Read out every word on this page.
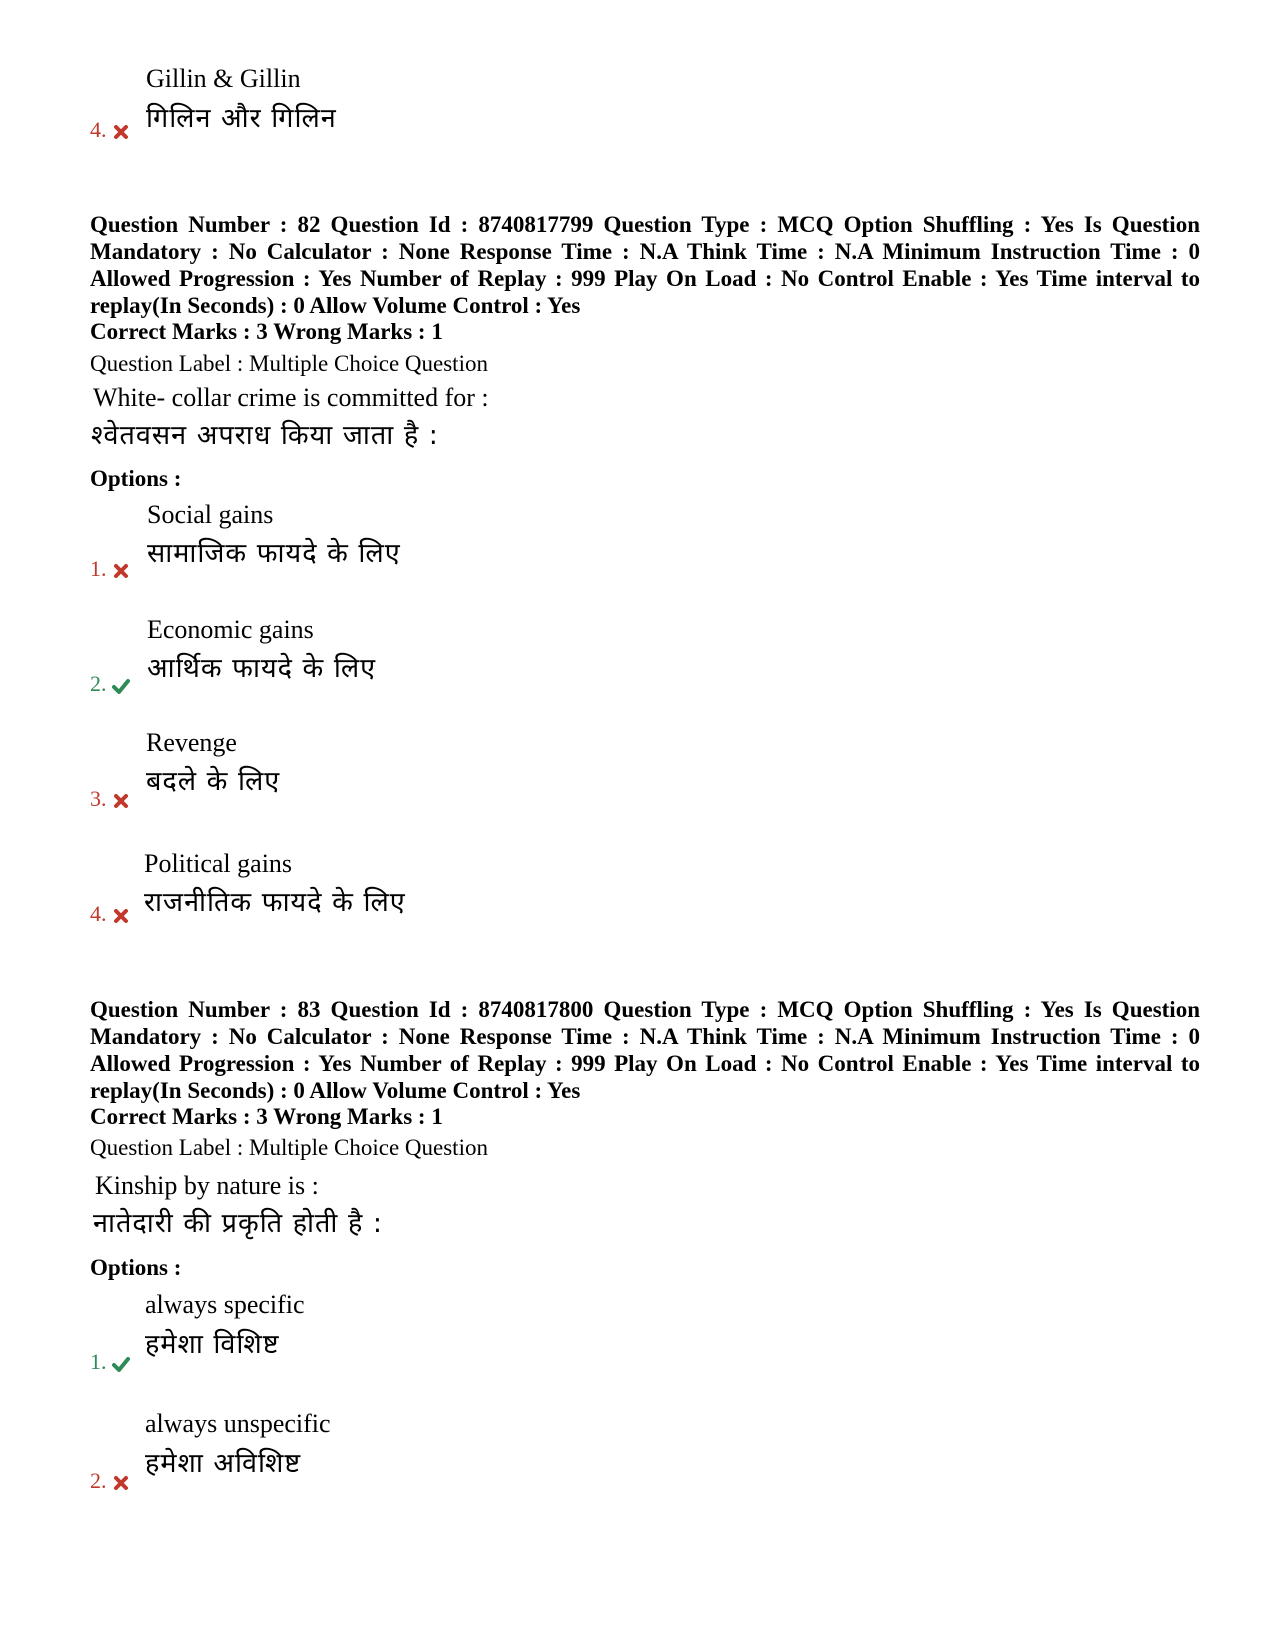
Gillin & Gillin
गिलिन और गिलिन
4.
Question Number : 82 Question Id : 8740817799 Question Type : MCQ Option Shuffling : Yes Is Question Mandatory : No Calculator : None Response Time : N.A Think Time : N.A Minimum Instruction Time : 0 Allowed Progression : Yes Number of Replay : 999 Play On Load : No Control Enable : Yes Time interval to replay(In Seconds) : 0 Allow Volume Control : Yes
Correct Marks : 3 Wrong Marks : 1
Question Label : Multiple Choice Question
White- collar crime is committed for :
श्वेतवसन अपराध किया जाता है :
Options :
Social gains
सामाजिक फायदे के लिए
1.
Economic gains
आर्थिक फायदे के लिए
2.
Revenge
बदले के लिए
3.
Political gains
राजनीतिक फायदे के लिए
4.
Question Number : 83 Question Id : 8740817800 Question Type : MCQ Option Shuffling : Yes Is Question Mandatory : No Calculator : None Response Time : N.A Think Time : N.A Minimum Instruction Time : 0 Allowed Progression : Yes Number of Replay : 999 Play On Load : No Control Enable : Yes Time interval to replay(In Seconds) : 0 Allow Volume Control : Yes
Correct Marks : 3 Wrong Marks : 1
Question Label : Multiple Choice Question
Kinship by nature is :
नातेदारी की प्रकृति होती है :
Options :
always specific
हमेशा विशिष्ट
1.
always unspecific
हमेशा अविशिष्ट
2.
